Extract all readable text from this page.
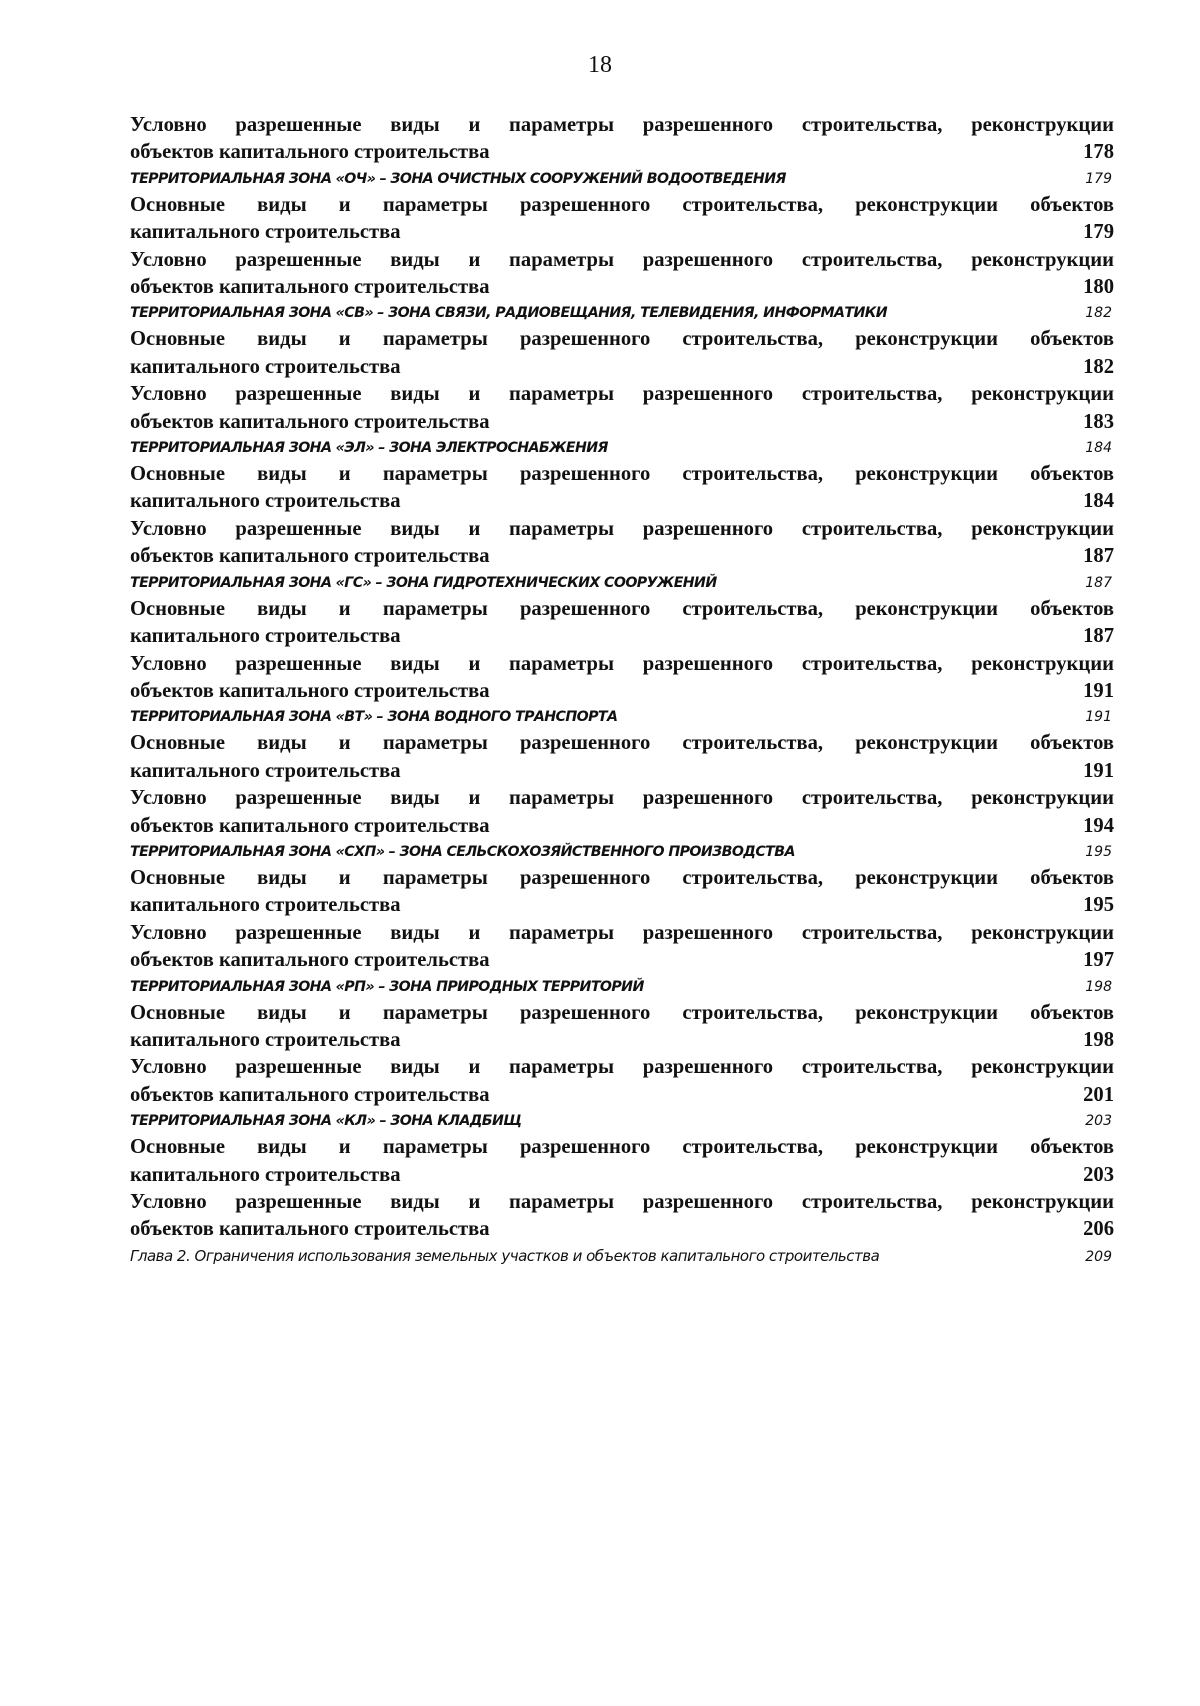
18
Условно разрешенные виды и параметры разрешенного строительства, реконструкции
объектов капитального строительства	178
ТЕРРИТОРИАЛЬНАЯ ЗОНА «ОЧ» – ЗОНА ОЧИСТНЫХ СООРУЖЕНИЙ ВОДООТВЕДЕНИЯ	179
Основные виды и параметры разрешенного строительства, реконструкции объектов
капитального строительства	179
Условно разрешенные виды и параметры разрешенного строительства, реконструкции
объектов капитального строительства	180
ТЕРРИТОРИАЛЬНАЯ ЗОНА «СВ» – ЗОНА СВЯЗИ, РАДИОВЕЩАНИЯ, ТЕЛЕВИДЕНИЯ, ИНФОРМАТИКИ	182
Основные виды и параметры разрешенного строительства, реконструкции объектов
капитального строительства	182
Условно разрешенные виды и параметры разрешенного строительства, реконструкции
объектов капитального строительства	183
ТЕРРИТОРИАЛЬНАЯ ЗОНА «ЭЛ» – ЗОНА ЭЛЕКТРОСНАБЖЕНИЯ	184
Основные виды и параметры разрешенного строительства, реконструкции объектов
капитального строительства	184
Условно разрешенные виды и параметры разрешенного строительства, реконструкции
объектов капитального строительства	187
ТЕРРИТОРИАЛЬНАЯ ЗОНА «ГС» – ЗОНА ГИДРОТЕХНИЧЕСКИХ СООРУЖЕНИЙ	187
Основные виды и параметры разрешенного строительства, реконструкции объектов
капитального строительства	187
Условно разрешенные виды и параметры разрешенного строительства, реконструкции
объектов капитального строительства	191
ТЕРРИТОРИАЛЬНАЯ ЗОНА «ВТ» – ЗОНА ВОДНОГО ТРАНСПОРТА	191
Основные виды и параметры разрешенного строительства, реконструкции объектов
капитального строительства	191
Условно разрешенные виды и параметры разрешенного строительства, реконструкции
объектов капитального строительства	194
ТЕРРИТОРИАЛЬНАЯ ЗОНА «СХП» – ЗОНА СЕЛЬСКОХОЗЯЙСТВЕННОГО ПРОИЗВОДСТВА	195
Основные виды и параметры разрешенного строительства, реконструкции объектов
капитального строительства	195
Условно разрешенные виды и параметры разрешенного строительства, реконструкции
объектов капитального строительства	197
ТЕРРИТОРИАЛЬНАЯ ЗОНА «РП» – ЗОНА ПРИРОДНЫХ ТЕРРИТОРИЙ	198
Основные виды и параметры разрешенного строительства, реконструкции объектов
капитального строительства	198
Условно разрешенные виды и параметры разрешенного строительства, реконструкции
объектов капитального строительства	201
ТЕРРИТОРИАЛЬНАЯ ЗОНА «КЛ» – ЗОНА КЛАДБИЩ	203
Основные виды и параметры разрешенного строительства, реконструкции объектов
капитального строительства	203
Условно разрешенные виды и параметры разрешенного строительства, реконструкции
объектов капитального строительства	206
Глава 2. Ограничения использования земельных участков и объектов капитального строительства	209
